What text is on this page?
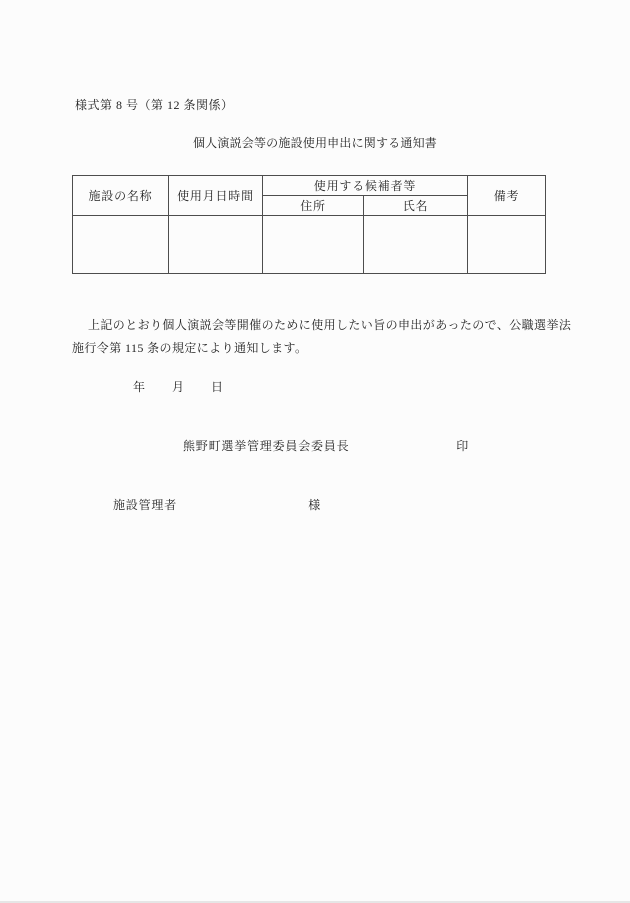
様式第 8 号（第 12 条関係）
個人演説会等の施設使用申出に関する通知書
施設の名称	使用月日時間	使用する候補者等		備考
		住所	氏名	

上記のとおり個人演説会等開催のために使用したい旨の申出があったので、公職選挙法
施行令第 115 条の規定により通知します。
年 月 日
熊野町選挙管理委員会委員長	印
施設管理者	様
